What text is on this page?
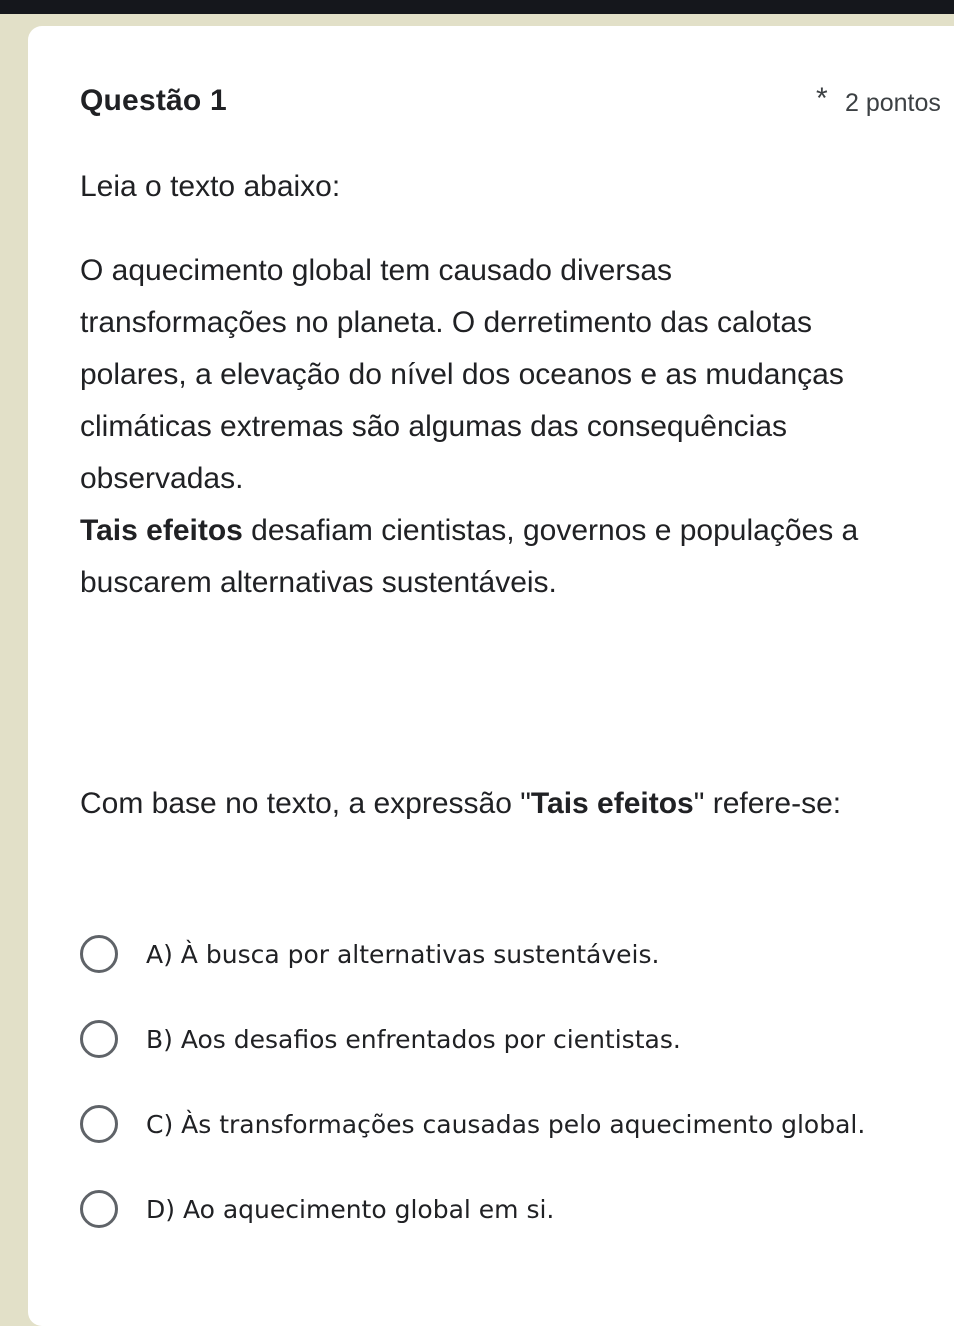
Questão 1	* 2 pontos

Leia o texto abaixo:

O aquecimento global tem causado diversas transformações no planeta. O derretimento das calotas polares, a elevação do nível dos oceanos e as mudanças climáticas extremas são algumas das consequências observadas.
Tais efeitos desafiam cientistas, governos e populações a buscarem alternativas sustentáveis.

Com base no texto, a expressão "Tais efeitos" refere-se:

A) À busca por alternativas sustentáveis.
B) Aos desafios enfrentados por cientistas.
C) Às transformações causadas pelo aquecimento global.
D) Ao aquecimento global em si.
